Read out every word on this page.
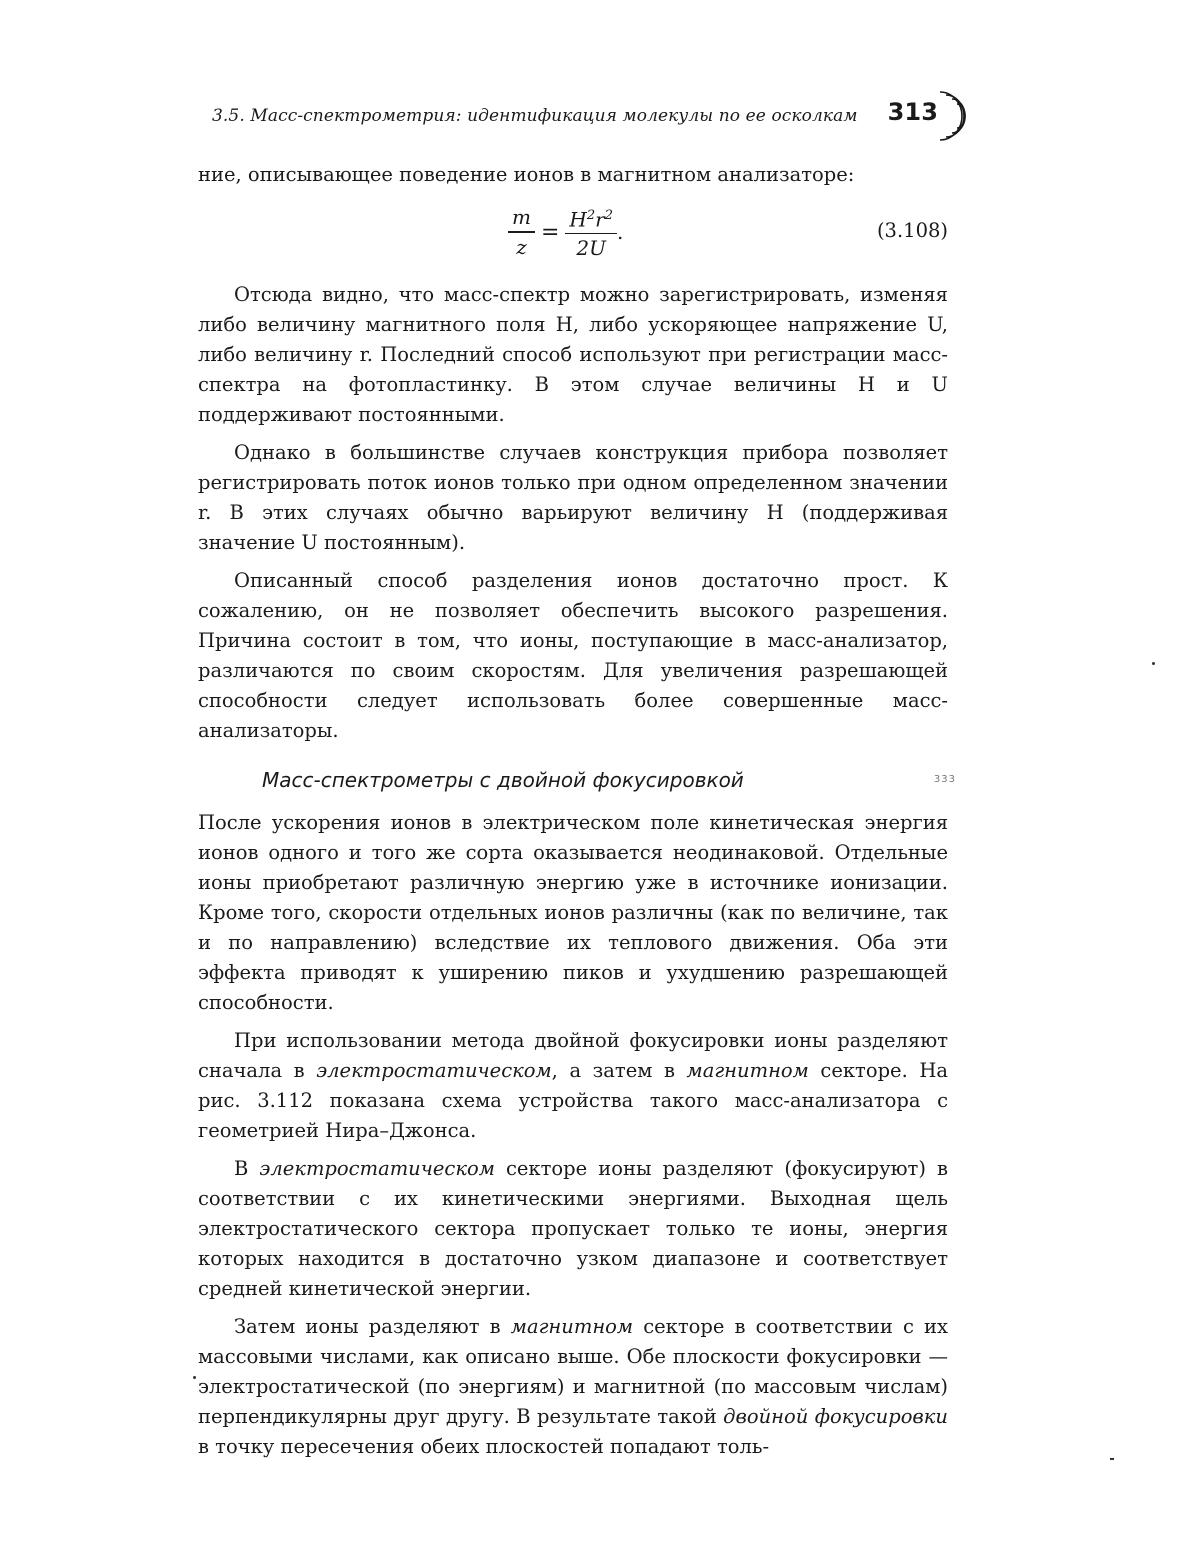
3.5. Масс-спектрометрия: идентификация молекулы по ее осколкам 313

ние, описывающее поведение ионов в магнитном анализаторе:

$\frac{m}{z} = \frac{H^2r^2}{2U}$ .	(3.108)

Отсюда видно, что масс-спектр можно зарегистрировать, изменяя либо величину магнитного поля H, либо ускоряющее напряжение U, либо величину r. Последний способ используют при регистрации масс-спектра на фотопластинку. В этом случае величины H и U поддерживают постоянными.

Однако в большинстве случаев конструкция прибора позволяет регистрировать поток ионов только при одном определенном значении r. В этих случаях обычно варьируют величину H (поддерживая значение U постоянным).

Описанный способ разделения ионов достаточно прост. К сожалению, он не позволяет обеспечить высокого разрешения. Причина состоит в том, что ионы, поступающие в масс-анализатор, различаются по своим скоростям. Для увеличения разрешающей способности следует использовать более совершенные масс-анализаторы.

Масс-спектрометры с двойной фокусировкой	333

После ускорения ионов в электрическом поле кинетическая энергия ионов одного и того же сорта оказывается неодинаковой. Отдельные ионы приобретают различную энергию уже в источнике ионизации. Кроме того, скорости отдельных ионов различны (как по величине, так и по направлению) вследствие их теплового движения. Оба эти эффекта приводят к уширению пиков и ухудшению разрешающей способности.

При использовании метода двойной фокусировки ионы разделяют сначала в электростатическом, а затем в магнитном секторе. На рис. 3.112 показана схема устройства такого масс-анализатора с геометрией Нира–Джонса.

В электростатическом секторе ионы разделяют (фокусируют) в соответствии с их кинетическими энергиями. Выходная щель электростатического сектора пропускает только те ионы, энергия которых находится в достаточно узком диапазоне и соответствует средней кинетической энергии.

Затем ионы разделяют в магнитном секторе в соответствии с их массовыми числами, как описано выше. Обе плоскости фокусировки — электростатической (по энергиям) и магнитной (по массовым числам) перпендикулярны друг другу. В результате такой двойной фокусировки в точку пересечения обеих плоскостей попадают толь-
